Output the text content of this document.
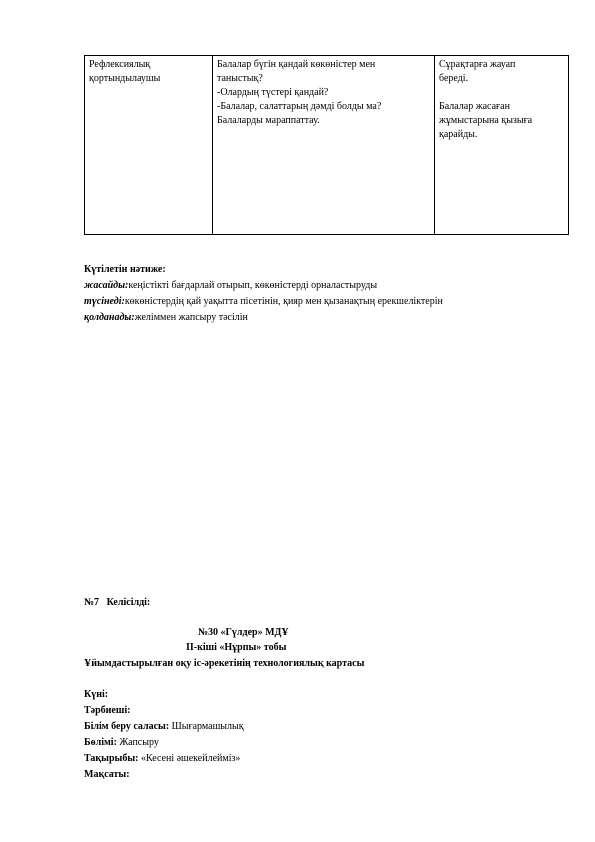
Рефлексиялық
қортындылаушы

Балалар бүгін қандай көкөністер мен
таныстық?
-Олардың түстері қандай?
-Балалар, салаттарың дәмді болды ма?
Балаларды мараппаттау.

Сұрақтарға жауап
береді.
Балалар жасаған
жұмыстарына қызыға
қарайды.
Күтілетін нәтиже:
жасайды:кеңістікті бағдарлай отырып, көкөністерді орналастыруды
түсінеді:көкөністердің қай уақытта пісетінін, қияр мен қызанақтың ерекшеліктерін
қолданады:желіммен жапсыру тәсілін
№7 Келісілді:
№30 «Гүлдер» МДҰ
II-кіші «Нұрпы» тобы
Ұйымдастырылған оқу іс-әрекетінің технологиялық картасы
Күні:
Тәрбиеші:
Білім беру саласы: Шығармашылық
Бөлімі: Жапсыру
Тақырыбы: «Кесені әшекейлейміз»
Мақсаты:
